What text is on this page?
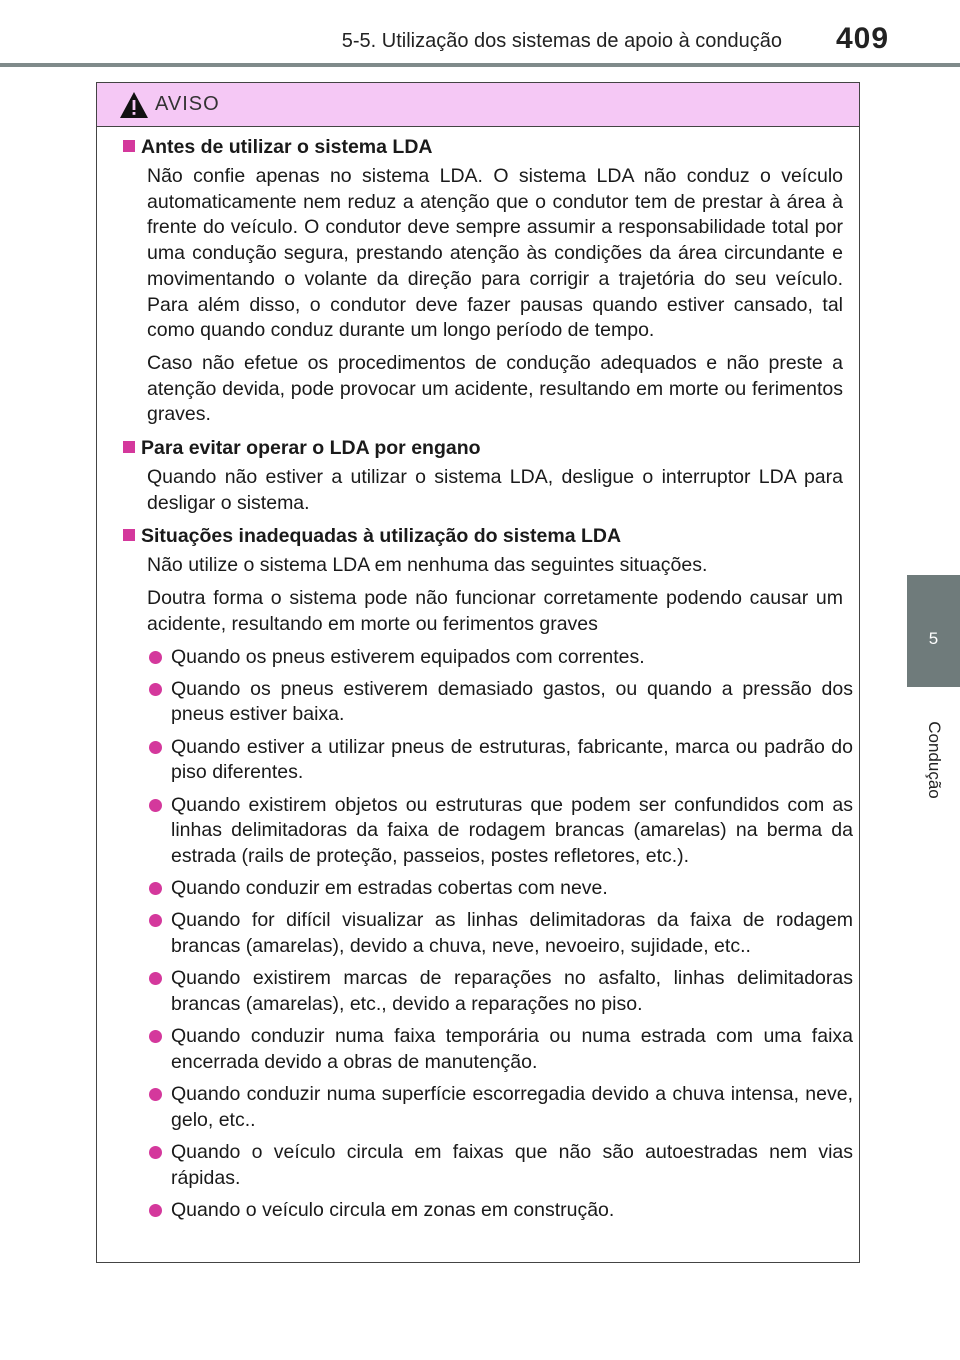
5-5. Utilização dos sistemas de apoio à condução 409
5
Condução
AVISO
Antes de utilizar o sistema LDA

Não confie apenas no sistema LDA. O sistema LDA não conduz o veículo automaticamente nem reduz a atenção que o condutor tem de prestar à área à frente do veículo. O condutor deve sempre assumir a responsabilidade total por uma condução segura, prestando atenção às condições da área circundante e movimentando o volante da direção para corrigir a trajetória do seu veículo. Para além disso, o condutor deve fazer pausas quando estiver cansado, tal como quando conduz durante um longo período de tempo.

Caso não efetue os procedimentos de condução adequados e não preste a atenção devida, pode provocar um acidente, resultando em morte ou ferimentos graves.

Para evitar operar o LDA por engano

Quando não estiver a utilizar o sistema LDA, desligue o interruptor LDA para desligar o sistema.

Situações inadequadas à utilização do sistema LDA

Não utilize o sistema LDA em nenhuma das seguintes situações.

Doutra forma o sistema pode não funcionar corretamente podendo causar um acidente, resultando em morte ou ferimentos graves

Quando os pneus estiverem equipados com correntes.
Quando os pneus estiverem demasiado gastos, ou quando a pressão dos pneus estiver baixa.
Quando estiver a utilizar pneus de estruturas, fabricante, marca ou padrão do piso diferentes.
Quando existirem objetos ou estruturas que podem ser confundidos com as linhas delimitadoras da faixa de rodagem brancas (amarelas) na berma da estrada (rails de proteção, passeios, postes refletores, etc.).
Quando conduzir em estradas cobertas com neve.
Quando for difícil visualizar as linhas delimitadoras da faixa de rodagem brancas (amarelas), devido a chuva, neve, nevoeiro, sujidade, etc..
Quando existirem marcas de reparações no asfalto, linhas delimitadoras brancas (amarelas), etc., devido a reparações no piso.
Quando conduzir numa faixa temporária ou numa estrada com uma faixa encerrada devido a obras de manutenção.
Quando conduzir numa superfície escorregadia devido a chuva intensa, neve, gelo, etc..
Quando o veículo circula em faixas que não são autoestradas nem vias rápidas.
Quando o veículo circula em zonas em construção.
